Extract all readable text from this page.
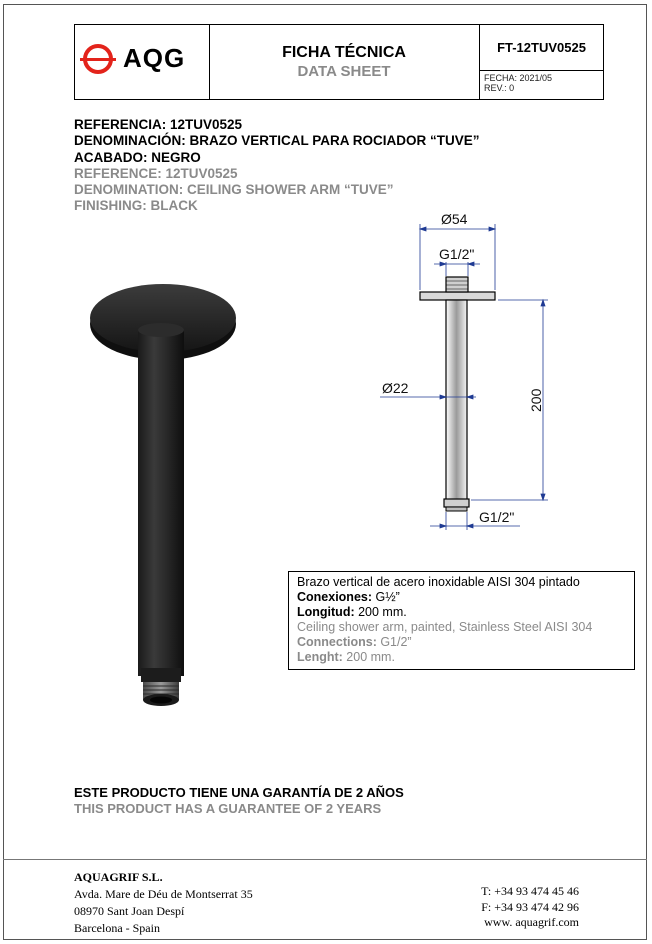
AQG	FICHA TÉCNICA
DATA SHEET
FT-12TUV0525
FECHA: 2021/05
REV.: 0
REFERENCIA: 12TUV0525
DENOMINACIÓN: BRAZO VERTICAL PARA ROCIADOR “TUVE”
ACABADO: NEGRO
REFERENCE: 12TUV0525
DENOMINATION: CEILING SHOWER ARM “TUVE”
FINISHING: BLACK
Ø54
G1/2"
Ø22
200
G1/2"
Brazo vertical de acero inoxidable AISI 304 pintado
Conexiones: G½”
Longitud: 200 mm.
Ceiling shower arm, painted, Stainless Steel AISI 304
Connections: G1/2”
Lenght: 200 mm.
ESTE PRODUCTO TIENE UNA GARANTÍA DE 2 AÑOS
THIS PRODUCT HAS A GUARANTEE OF 2 YEARS
AQUAGRIF S.L.
Avda. Mare de Déu de Montserrat 35
08970 Sant Joan Despí
Barcelona - Spain
T: +34 93 474 45 46
F: +34 93 474 42 96
www. aquagrif.com
